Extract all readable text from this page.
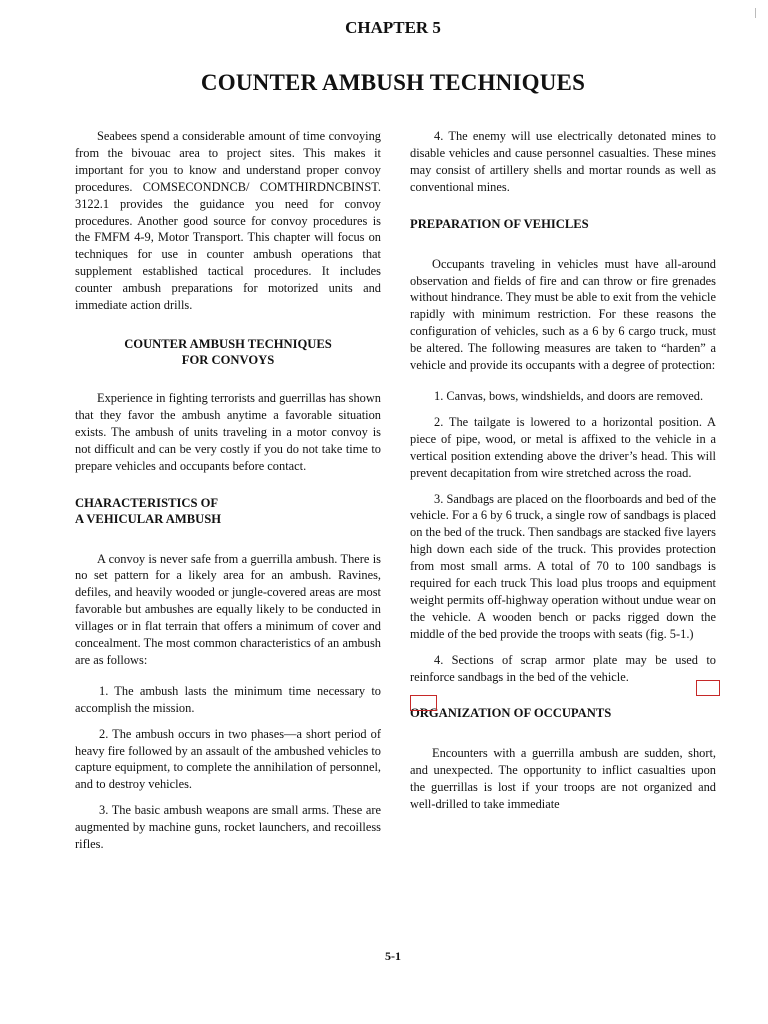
CHAPTER 5
COUNTER AMBUSH TECHNIQUES

Seabees spend a considerable amount of time convoying from the bivouac area to project sites. This makes it important for you to know and understand proper convoy procedures. COMSECONDNCB/ COMTHIRDNCBINST. 3122.1 provides the guidance you need for convoy procedures. Another good source for convoy procedures is the FMFM 4-9, Motor Transport. This chapter will focus on techniques for use in counter ambush operations that supplement established tactical procedures. It includes counter ambush preparations for motorized units and immediate action drills.

COUNTER AMBUSH TECHNIQUES
FOR CONVOYS

Experience in fighting terrorists and guerrillas has shown that they favor the ambush anytime a favorable situation exists. The ambush of units traveling in a motor convoy is not difficult and can be very costly if you do not take time to prepare vehicles and occupants before contact.

CHARACTERISTICS OF
A VEHICULAR AMBUSH

A convoy is never safe from a guerrilla ambush. There is no set pattern for a likely area for an ambush. Ravines, defiles, and heavily wooded or jungle-covered areas are most favorable but ambushes are equally likely to be conducted in villages or in flat terrain that offers a minimum of cover and concealment. The most common characteristics of an ambush are as follows:

1. The ambush lasts the minimum time necessary to accomplish the mission.

2. The ambush occurs in two phases—a short period of heavy fire followed by an assault of the ambushed vehicles to capture equipment, to complete the annihilation of personnel, and to destroy vehicles.

3. The basic ambush weapons are small arms. These are augmented by machine guns, rocket launchers, and recoilless rifles.

4. The enemy will use electrically detonated mines to disable vehicles and cause personnel casualties. These mines may consist of artillery shells and mortar rounds as well as conventional mines.

PREPARATION OF VEHICLES

Occupants traveling in vehicles must have all-around observation and fields of fire and can throw or fire grenades without hindrance. They must be able to exit from the vehicle rapidly with minimum restriction. For these reasons the configuration of vehicles, such as a 6 by 6 cargo truck, must be altered. The following measures are taken to “harden” a vehicle and provide its occupants with a degree of protection:

1. Canvas, bows, windshields, and doors are removed.

2. The tailgate is lowered to a horizontal position. A piece of pipe, wood, or metal is affixed to the vehicle in a vertical position extending above the driver’s head. This will prevent decapitation from wire stretched across the road.

3. Sandbags are placed on the floorboards and bed of the vehicle. For a 6 by 6 truck, a single row of sandbags is placed on the bed of the truck. Then sandbags are stacked five layers high down each side of the truck. This provides protection from most small arms. A total of 70 to 100 sandbags is required for each truck This load plus troops and equipment weight permits off-highway operation without undue wear on the vehicle. A wooden bench or packs rigged down the middle of the bed provide the troops with seats (fig. 5-1.)

4. Sections of scrap armor plate may be used to reinforce sandbags in the bed of the vehicle.

ORGANIZATION OF OCCUPANTS

Encounters with a guerrilla ambush are sudden, short, and unexpected. The opportunity to inflict casualties upon the guerrillas is lost if your troops are not organized and well-drilled to take immediate

5-1
